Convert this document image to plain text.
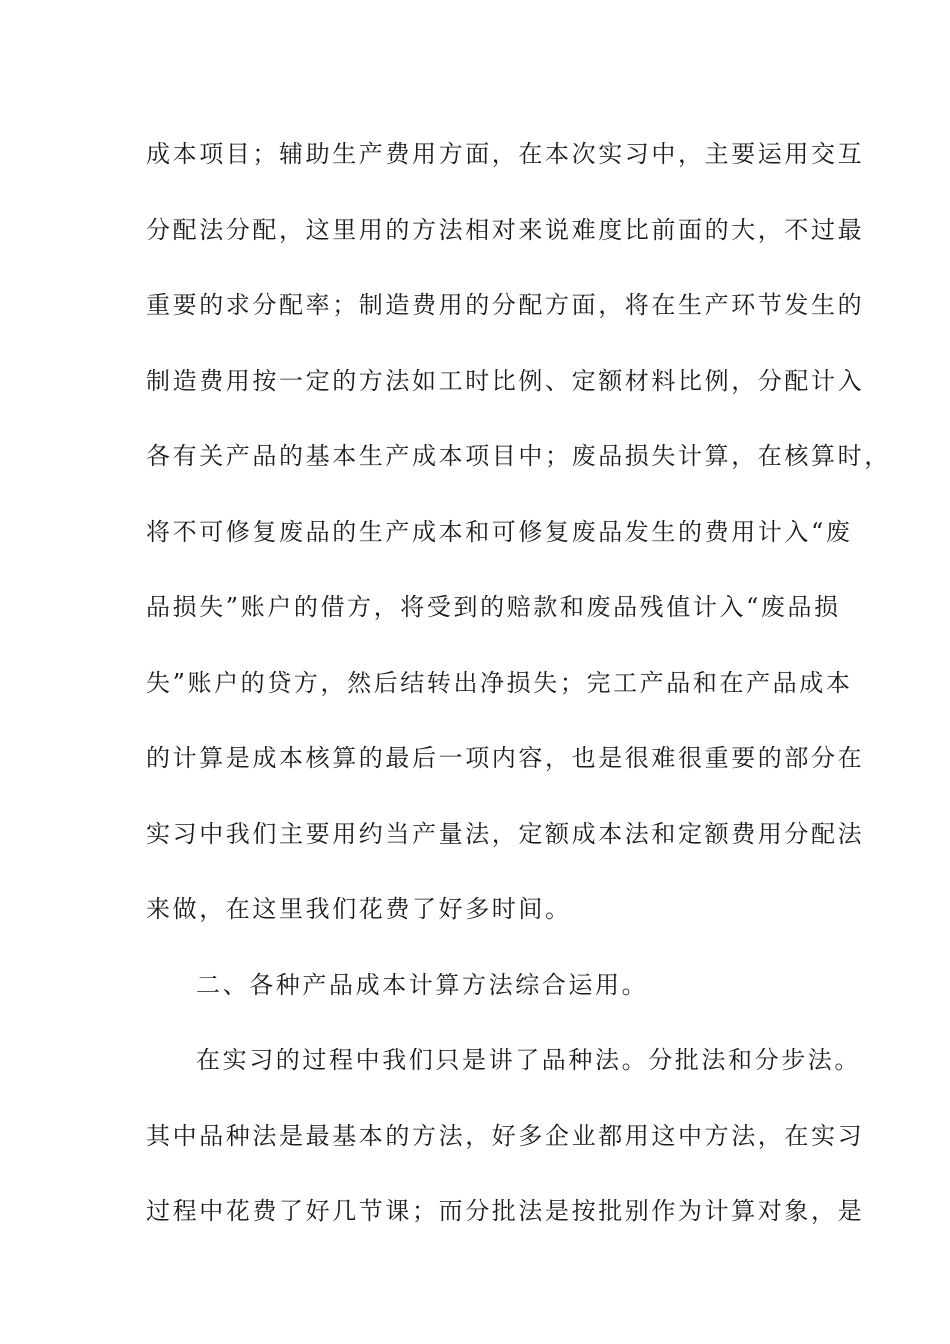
成本项目；辅助生产费用方面，在本次实习中，主要运用交互
分配法分配，这里用的方法相对来说难度比前面的大，不过最
重要的求分配率；制造费用的分配方面，将在生产环节发生的
制造费用按一定的方法如工时比例、定额材料比例，分配计入
各有关产品的基本生产成本项目中；废品损失计算，在核算时，
将不可修复废品的生产成本和可修复废品发生的费用计入“废
品损失”账户的借方，将受到的赔款和废品残值计入“废品损
失”账户的贷方，然后结转出净损失；完工产品和在产品成本
的计算是成本核算的最后一项内容，也是很难很重要的部分在
实习中我们主要用约当产量法，定额成本法和定额费用分配法
来做，在这里我们花费了好多时间。
二、各种产品成本计算方法综合运用。
在实习的过程中我们只是讲了品种法。分批法和分步法。
其中品种法是最基本的方法，好多企业都用这中方法，在实习
过程中花费了好几节课；而分批法是按批别作为计算对象，是
